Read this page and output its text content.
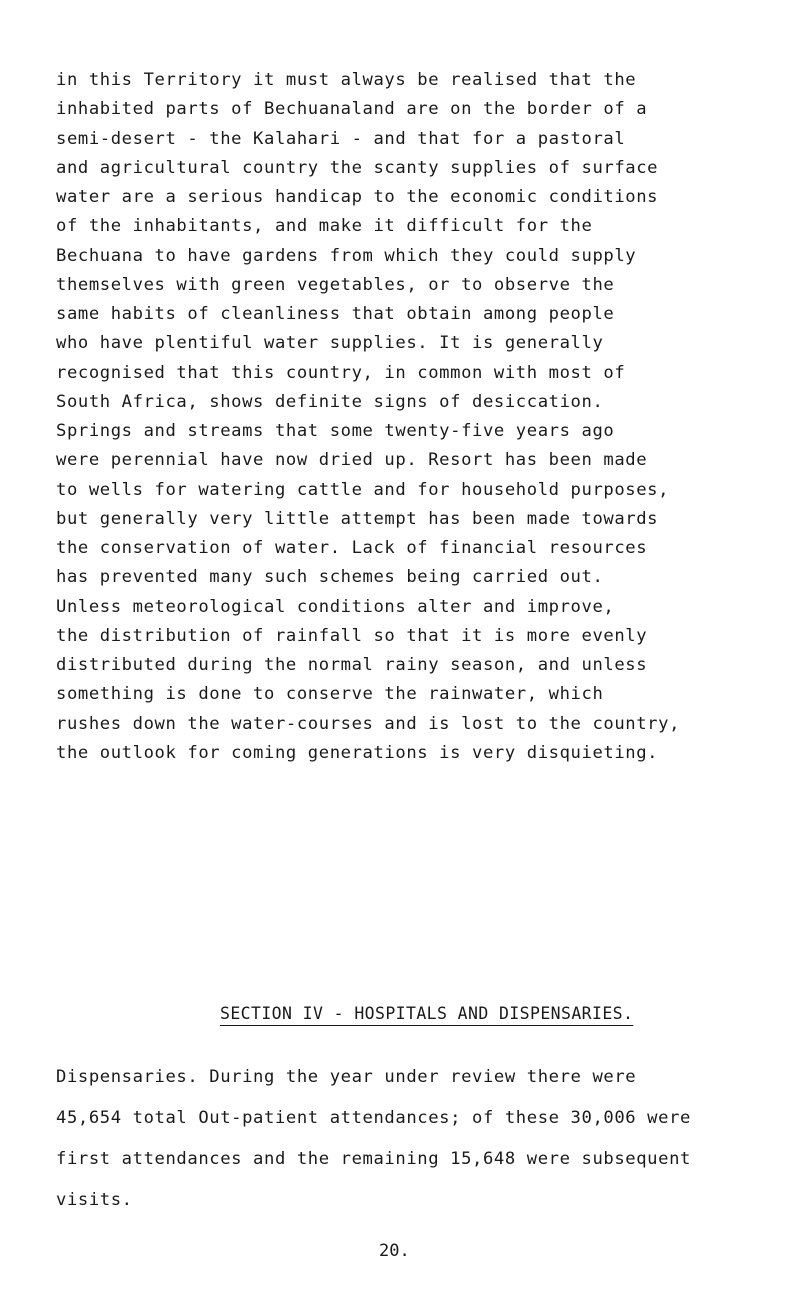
in this Territory it must always be realised that the
inhabited parts of Bechuanaland are on the border of a
semi-desert - the Kalahari - and that for a pastoral
and agricultural country the scanty supplies of surface
water are a serious handicap to the economic conditions
of the inhabitants, and make it difficult for the
Bechuana to have gardens from which they could supply
themselves with green vegetables, or to observe the
same habits of cleanliness that obtain among people
who have plentiful water supplies. It is generally
recognised that this country, in common with most of
South Africa, shows definite signs of desiccation.
Springs and streams that some twenty-five years ago
were perennial have now dried up. Resort has been made
to wells for watering cattle and for household purposes,
but generally very little attempt has been made towards
the conservation of water. Lack of financial resources
has prevented many such schemes being carried out.
Unless meteorological conditions alter and improve,
the distribution of rainfall so that it is more evenly
distributed during the normal rainy season, and unless
something is done to conserve the rainwater, which
rushes down the water-courses and is lost to the country,
the outlook for coming generations is very disquieting.
SECTION IV - HOSPITALS AND DISPENSARIES.
Dispensaries. During the year under review there were
45,654 total Out-patient attendances; of these 30,006 were
first attendances and the remaining 15,648 were subsequent
visits.
20.
